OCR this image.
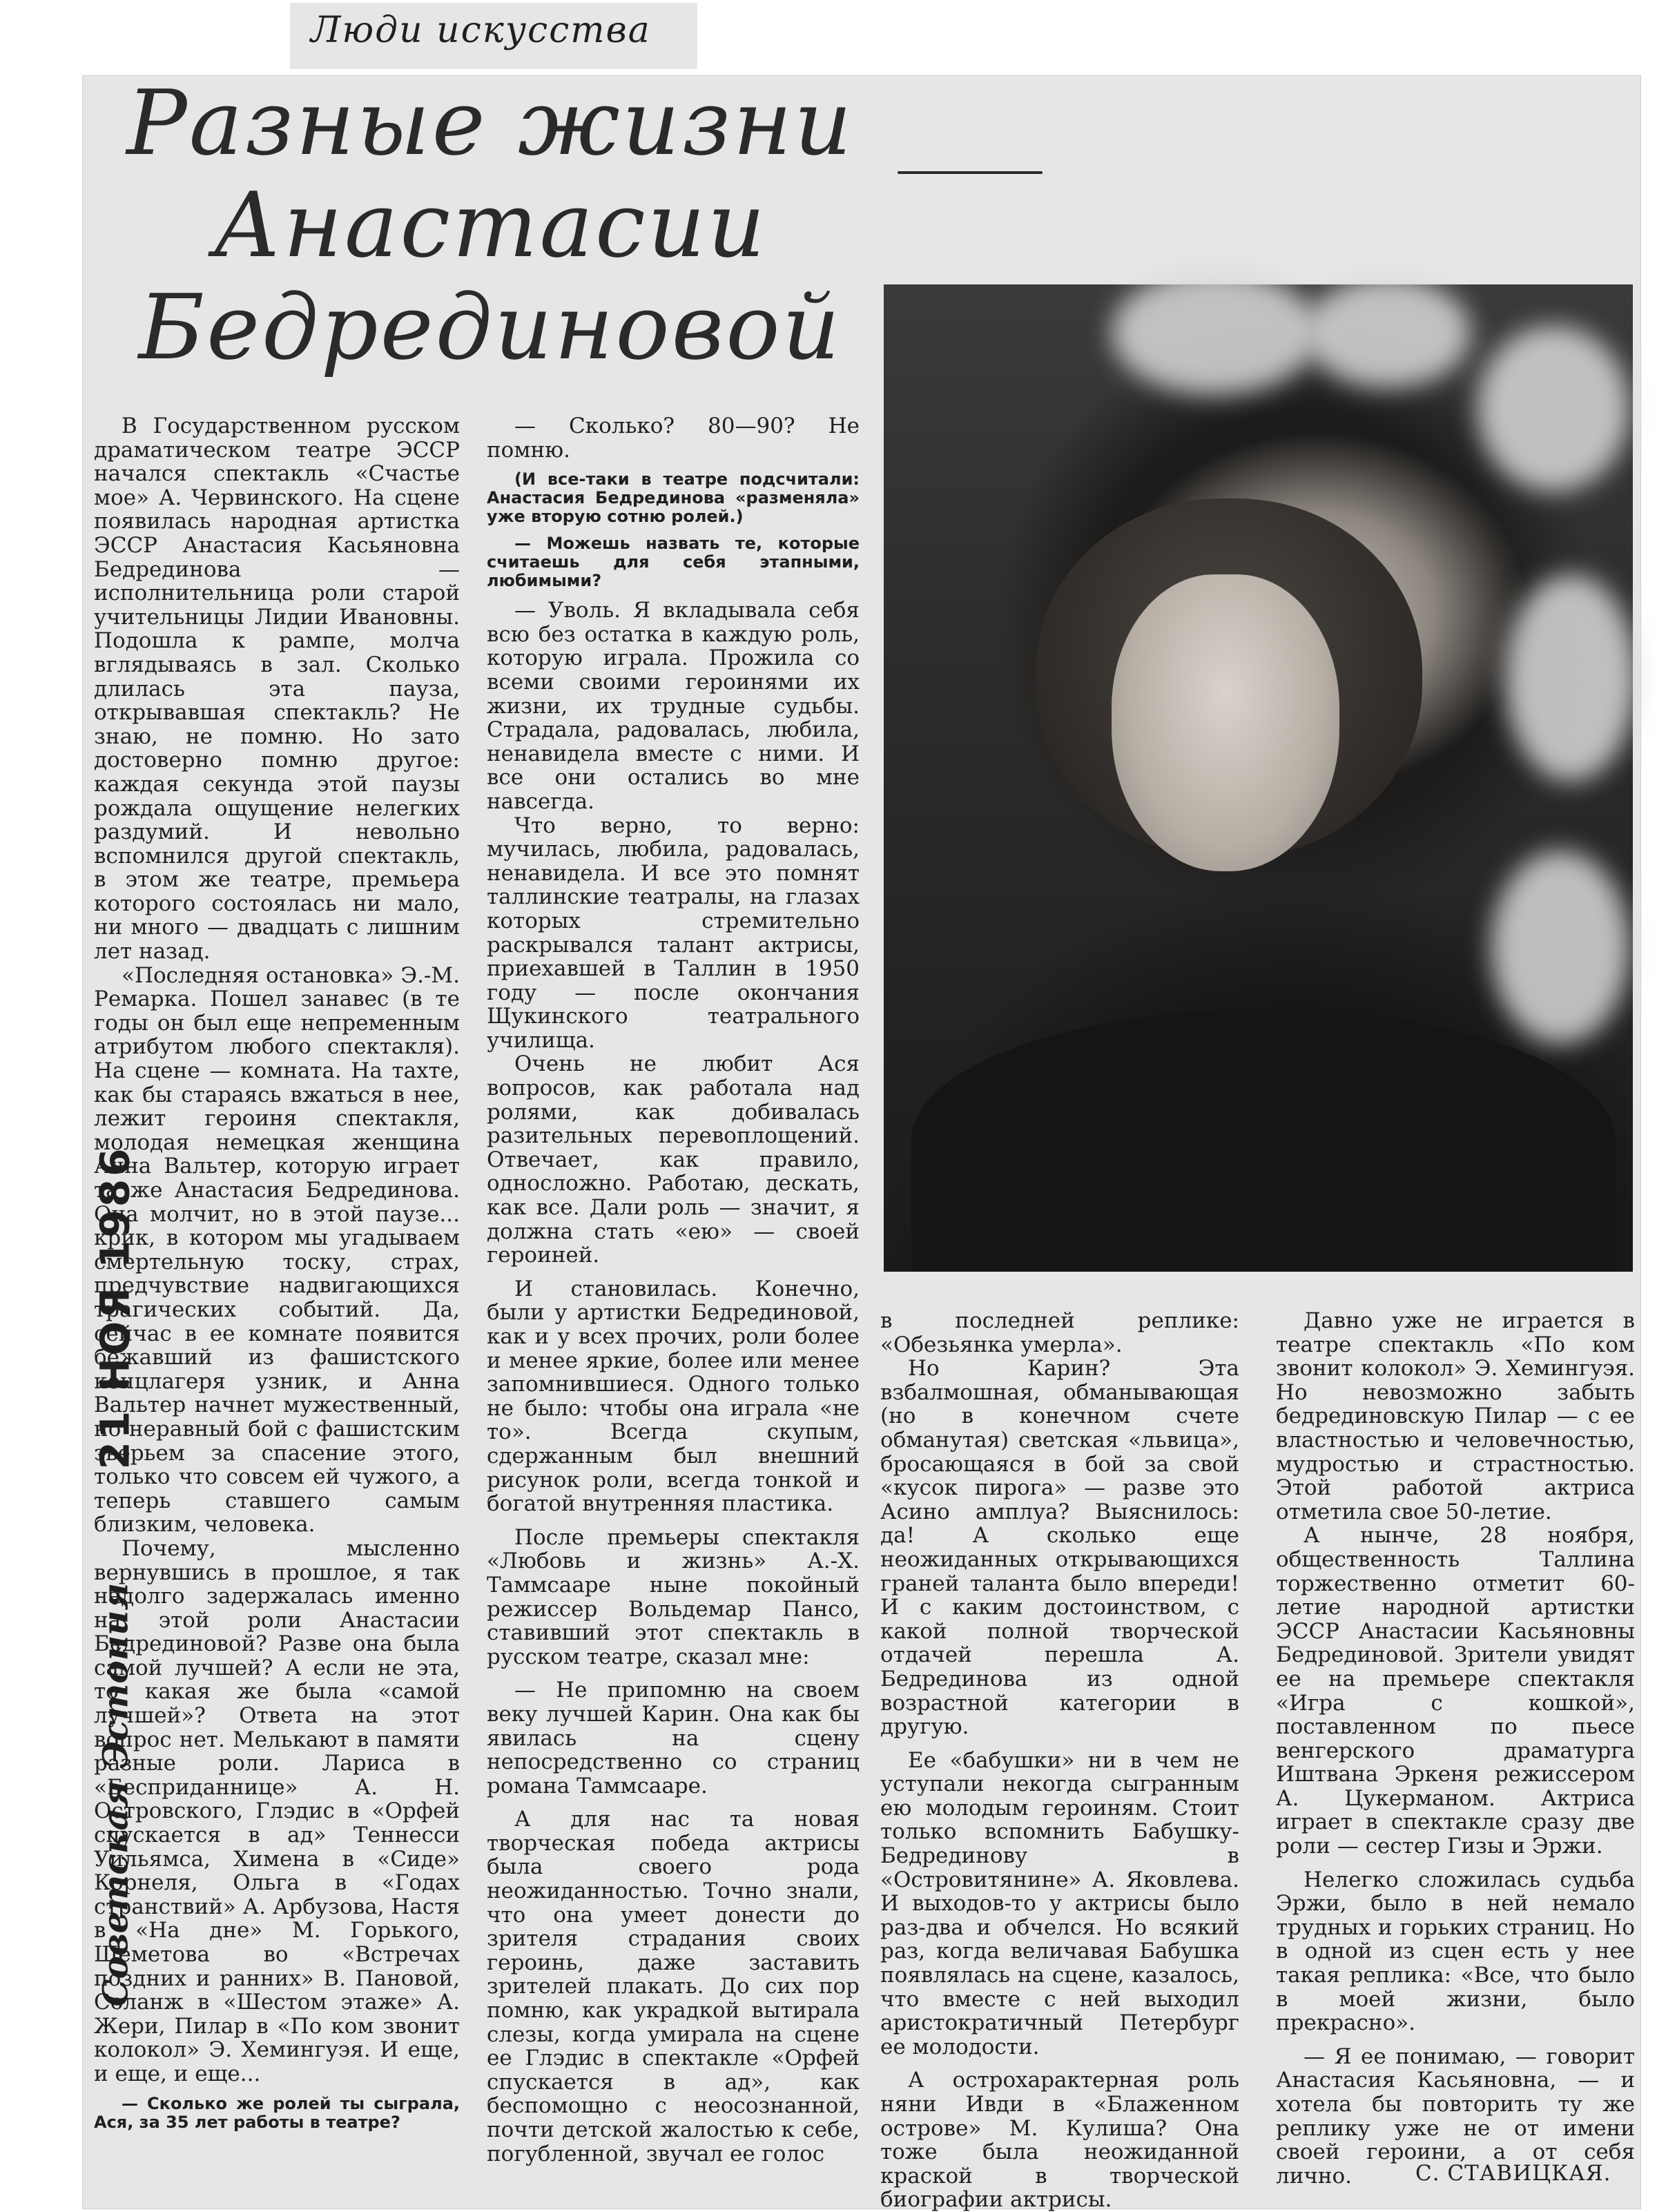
Люди искусства
Разные жизни
Анастасии
Бедрединовой
21 НОЯ 1986
Советская Эстония

В Государственном русском драматическом театре ЭССР начался спектакль «Счастье мое» А. Червинского. На сцене появилась народная артистка ЭССР Анастасия Касьяновна Бедрединова — исполнительница роли старой учительницы Лидии Ивановны. Подошла к рампе, молча вглядываясь в зал. Сколько длилась эта пауза, открывавшая спектакль? Не знаю, не помню. Но зато достоверно помню другое: каждая секунда этой паузы рождала ощущение нелегких раздумий. И невольно вспомнился другой спектакль, в этом же театре, премьера которого состоялась ни мало, ни много — двадцать с лишним лет назад.

«Последняя остановка» Э.-М. Ремарка. Пошел занавес (в те годы он был еще непременным атрибутом любого спектакля). На сцене — комната. На тахте, как бы стараясь вжаться в нее, лежит героиня спектакля, молодая немецкая женщина Анна Вальтер, которую играет та же Анастасия Бедрединова. Она молчит, но в этой паузе... крик, в котором мы угадываем смертельную тоску, страх, предчувствие надвигающихся трагических событий. Да, сейчас в ее комнате появится бежавший из фашистского концлагеря узник, и Анна Вальтер начнет мужественный, но неравный бой с фашистским зверьем за спасение этого, только что совсем ей чужого, а теперь ставшего самым близким, человека.

Почему, мысленно вернувшись в прошлое, я так надолго задержалась именно на этой роли Анастасии Бедрединовой? Разве она была самой лучшей? А если не эта, то какая же была «самой лучшей»? Ответа на этот вопрос нет. Мелькают в памяти разные роли. Лариса в «Бесприданнице» А. Н. Островского, Глэдис в «Орфей спускается в ад» Теннесси Уильямса, Химена в «Сиде» Корнеля, Ольга в «Годах странствий» А. Арбузова, Настя в «На дне» М. Горького, Шеметова во «Встречах поздних и ранних» В. Пановой, Соланж в «Шестом этаже» А. Жери, Пилар в «По ком звонит колокол» Э. Хемингуэя. И еще, и еще, и еще...

— Сколько же ролей ты сыграла, Ася, за 35 лет работы в театре?

— Сколько? 80—90? Не помню.

(И все-таки в театре подсчитали: Анастасия Бедрединова «разменяла» уже вторую сотню ролей.)

— Можешь назвать те, которые считаешь для себя этапными, любимыми?

— Уволь. Я вкладывала себя всю без остатка в каждую роль, которую играла. Прожила со всеми своими героинями их жизни, их трудные судьбы. Страдала, радовалась, любила, ненавидела вместе с ними. И все они остались во мне навсегда.

Что верно, то верно: мучилась, любила, радовалась, ненавидела. И все это помнят таллинские театралы, на глазах которых стремительно раскрывался талант актрисы, приехавшей в Таллин в 1950 году — после окончания Щукинского театрального училища.

Очень не любит Ася вопросов, как работала над ролями, как добивалась разительных перевоплощений. Отвечает, как правило, односложно. Работаю, дескать, как все. Дали роль — значит, я должна стать «ею» — своей героиней.

И становилась. Конечно, были у артистки Бедрединовой, как и у всех прочих, роли более и менее яркие, более или менее запомнившиеся. Одного только не было: чтобы она играла «не то». Всегда скупым, сдержанным был внешний рисунок роли, всегда тонкой и богатой внутренняя пластика.

После премьеры спектакля «Любовь и жизнь» А.-Х. Таммсааре ныне покойный режиссер Вольдемар Пансо, ставивший этот спектакль в русском театре, сказал мне:

— Не припомню на своем веку лучшей Карин. Она как бы явилась на сцену непосредственно со страниц романа Таммсааре.

А для нас та новая творческая победа актрисы была своего рода неожиданностью. Точно знали, что она умеет донести до зрителя страдания своих героинь, даже заставить зрителей плакать. До сих пор помню, как украдкой вытирала слезы, когда умирала на сцене ее Глэдис в спектакле «Орфей спускается в ад», как беспомощно с неосознанной, почти детской жалостью к себе, погубленной, звучал ее голос

в последней реплике: «Обезьянка умерла».

Но Карин? Эта взбалмошная, обманывающая (но в конечном счете обманутая) светская «львица», бросающаяся в бой за свой «кусок пирога» — разве это Асино амплуа? Выяснилось: да! А сколько еще неожиданных открывающихся граней таланта было впереди! И с каким достоинством, с какой полной творческой отдачей перешла А. Бедрединова из одной возрастной категории в другую.

Ее «бабушки» ни в чем не уступали некогда сыгранным ею молодым героиням. Стоит только вспомнить Бабушку-Бедрединову в «Островитянине» А. Яковлева. И выходов-то у актрисы было раз-два и обчелся. Но всякий раз, когда величавая Бабушка появлялась на сцене, казалось, что вместе с ней выходил аристократичный Петербург ее молодости.

А острохарактерная роль няни Ивди в «Блаженном острове» М. Кулиша? Она тоже была неожиданной краской в творческой биографии актрисы.

Давно уже не играется в театре спектакль «По ком звонит колокол» Э. Хемингуэя. Но невозможно забыть бедрединовскую Пилар — с ее властностью и человечностью, мудростью и страстностью. Этой работой актриса отметила свое 50-летие.

А нынче, 28 ноября, общественность Таллина торжественно отметит 60-летие народной артистки ЭССР Анастасии Касьяновны Бедрединовой. Зрители увидят ее на премьере спектакля «Игра с кошкой», поставленном по пьесе венгерского драматурга Иштвана Эркеня режиссером А. Цукерманом. Актриса играет в спектакле сразу две роли — сестер Гизы и Эржи.

Нелегко сложилась судьба Эржи, было в ней немало трудных и горьких страниц. Но в одной из сцен есть у нее такая реплика: «Все, что было в моей жизни, было прекрасно».

— Я ее понимаю, — говорит Анастасия Касьяновна, — и хотела бы повторить ту же реплику уже не от имени своей героини, а от себя лично.	С. СТАВИЦКАЯ.
